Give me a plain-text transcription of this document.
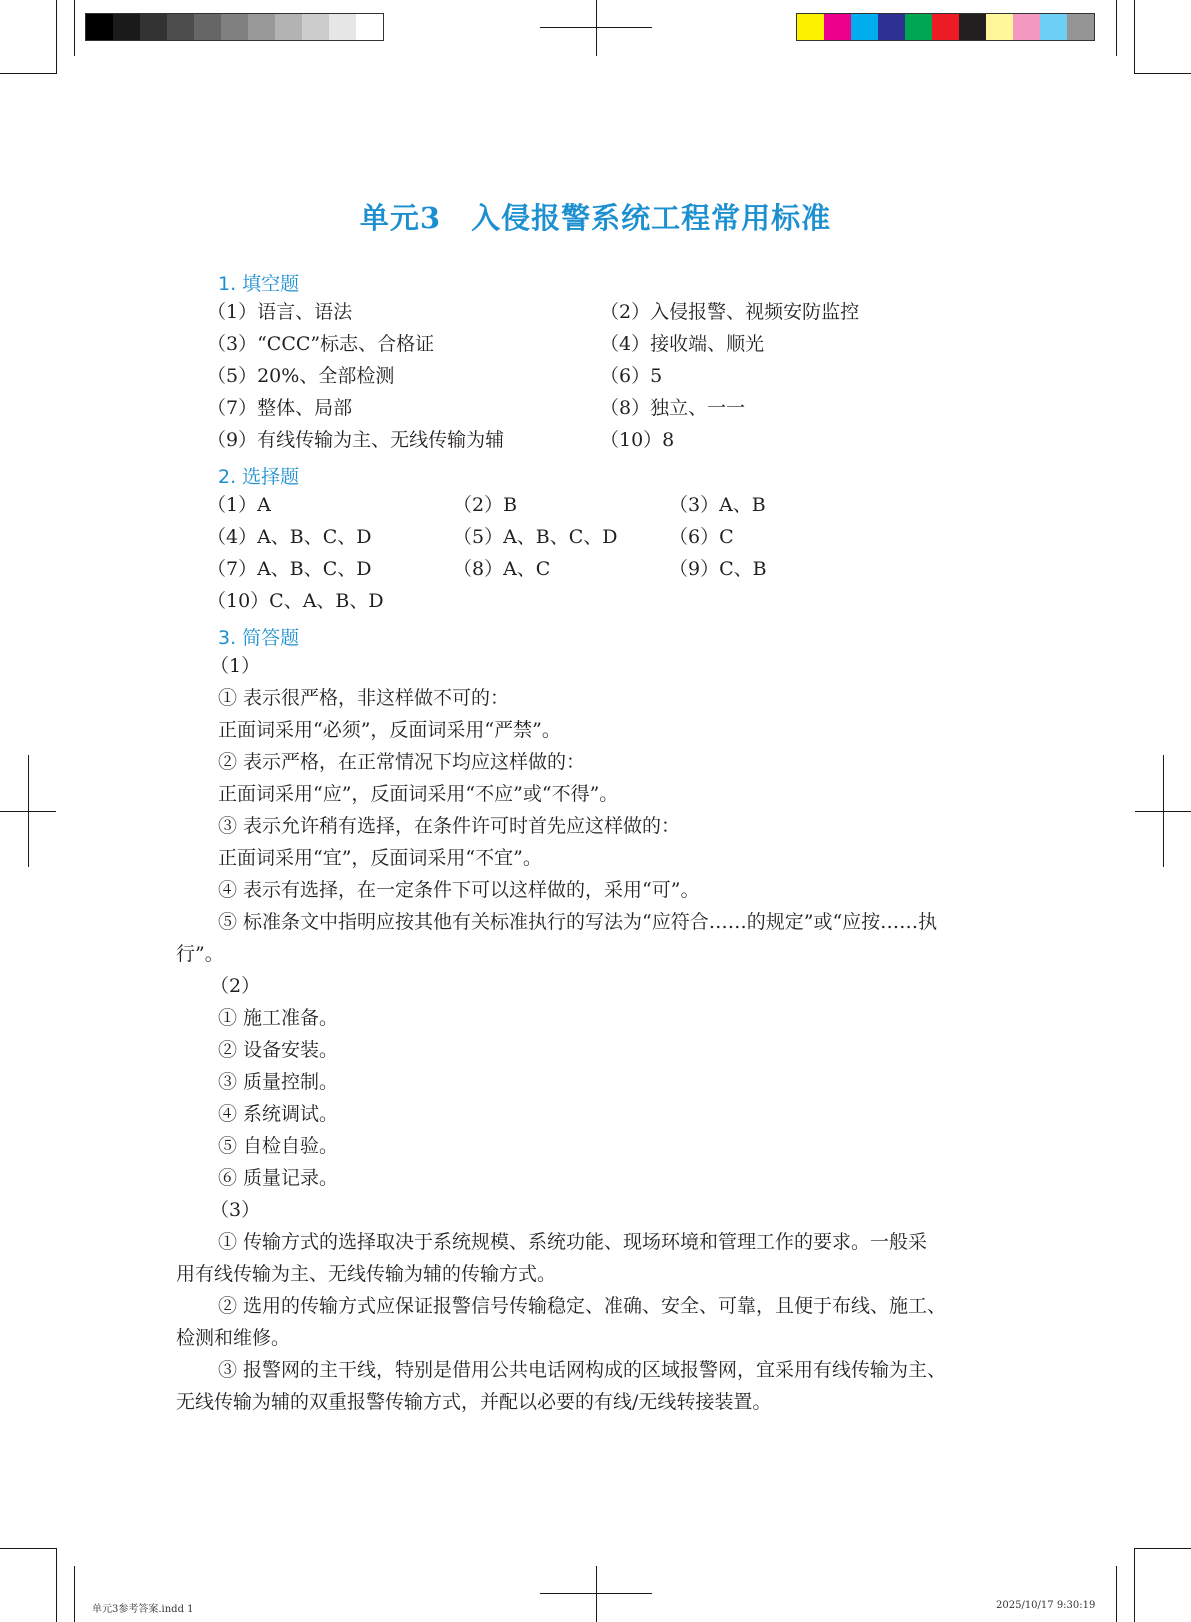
单元3　入侵报警系统工程常用标准
1. 填空题
（1）语言、语法	（2）入侵报警、视频安防监控
（3）“CCC”标志、合格证	（4）接收端、顺光
（5）20%、全部检测	（6）5
（7）整体、局部	（8）独立、一一
（9）有线传输为主、无线传输为辅	（10）8
2. 选择题
（1）A	（2）B	（3）A、B
（4）A、B、C、D	（5）A、B、C、D	（6）C
（7）A、B、C、D	（8）A、C	（9）C、B
（10）C、A、B、D
3. 简答题
（1）
① 表示很严格，非这样做不可的：
正面词采用“必须”，反面词采用“严禁”。
② 表示严格，在正常情况下均应这样做的：
正面词采用“应”，反面词采用“不应”或“不得”。
③ 表示允许稍有选择，在条件许可时首先应这样做的：
正面词采用“宜”，反面词采用“不宜”。
④ 表示有选择，在一定条件下可以这样做的，采用“可”。
⑤ 标准条文中指明应按其他有关标准执行的写法为“应符合……的规定”或“应按……执
行”。
（2）
① 施工准备。
② 设备安装。
③ 质量控制。
④ 系统调试。
⑤ 自检自验。
⑥ 质量记录。
（3）
① 传输方式的选择取决于系统规模、系统功能、现场环境和管理工作的要求。一般采
用有线传输为主、无线传输为辅的传输方式。
② 选用的传输方式应保证报警信号传输稳定、准确、安全、可靠，且便于布线、施工、
检测和维修。
③ 报警网的主干线，特别是借用公共电话网构成的区域报警网，宜采用有线传输为主、
无线传输为辅的双重报警传输方式，并配以必要的有线/无线转接装置。
单元3参考答案.indd 1	2025/10/17 9:30:19
